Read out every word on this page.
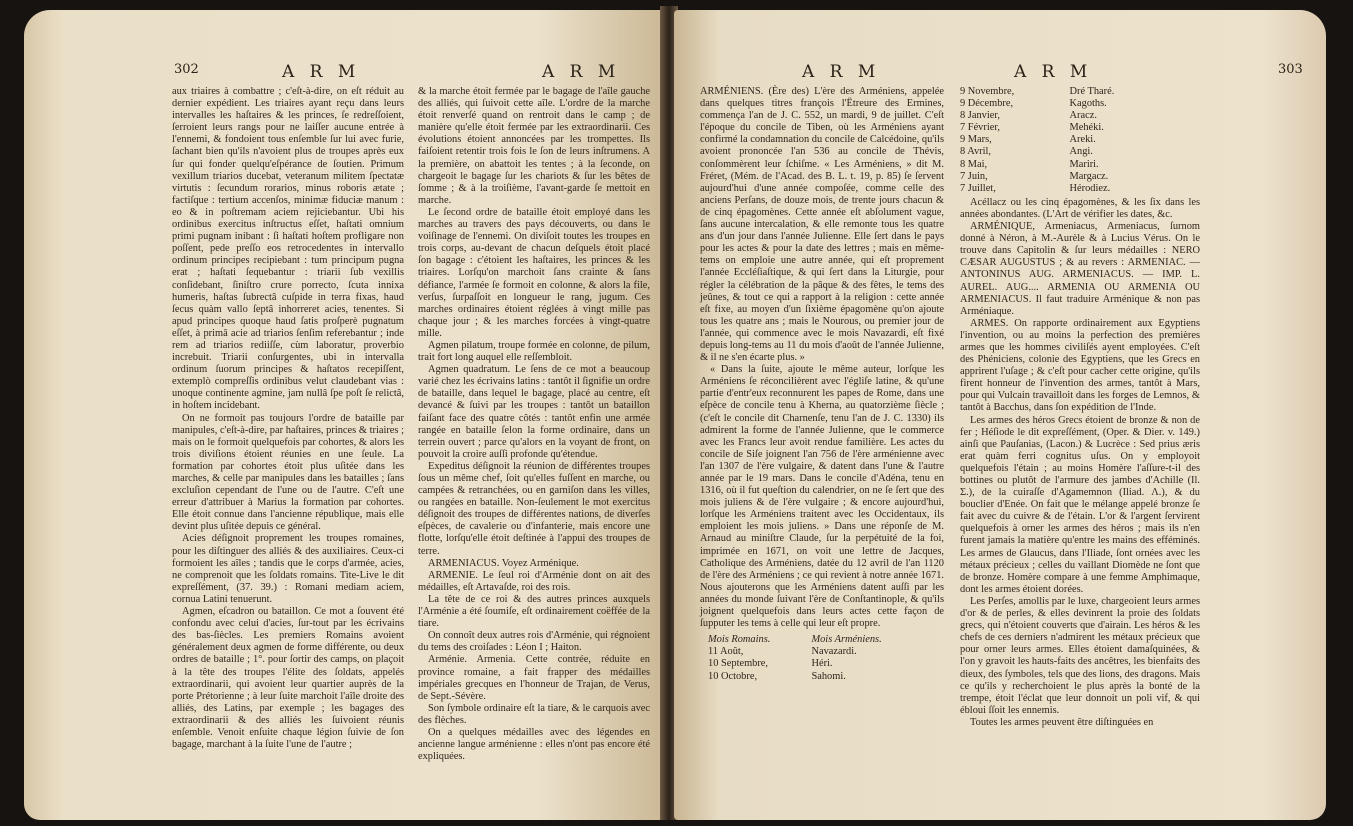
302	A R M	A R M

aux triaires à combattre ; c'eſt-à-dire, on eſt réduit au dernier expédient. Les triaires ayant reçu dans leurs intervalles les haſtaires & les princes, ſe redreſſoient, ſerroient leurs rangs pour ne laiſſer aucune entrée à l'ennemi, & fondoient tous enſemble ſur lui avec furie, ſachant bien qu'ils n'avoient plus de troupes après eux ſur qui fonder quelqu'eſpérance de ſoutien. Primum vexillum triarios ducebat, veteranum militem ſpectatæ virtutis : ſecundum rorarios, minus roboris ætate ; factiſque : tertium accenſos, minimæ fiduciæ manum : eo & in poſtremam aciem rejiciebantur. Ubi his ordinibus exercitus inſtructus eſſet, haſtati omnium primi pugnam inibant : ſi haſtati hoſtem profligare non poſſent, pede preſſo eos retrocedentes in intervallo ordinum principes recipiebant : tum principum pugna erat ; haſtati ſequebantur : triarii ſub vexillis conſidebant, ſiniſtro crure porrecto, ſcuta innixa humeris, haſtas ſubrectâ cuſpide in terra fixas, haud ſecus quàm vallo ſeptâ inhorreret acies, tenentes. Si apud principes quoque haud ſatis proſperè pugnatum eſſet, à primâ acie ad triarios ſenſim referebantur ; inde rem ad triarios rediiſſe, cùm laboratur, proverbio increbuit. Triarii conſurgentes, ubi in intervalla ordinum ſuorum principes & haſtatos recepiſſent, extemplò compreſſis ordinibus velut claudebant vias : unoque continente agmine, jam nullâ ſpe poſt ſe relictâ, in hoſtem incidebant.

On ne formoit pas toujours l'ordre de bataille par manipules, c'eſt-à-dire, par haſtaires, princes & triaires ; mais on le formoit quelquefois par cohortes, & alors les trois diviſions étoient réunies en une ſeule. La formation par cohortes étoit plus uſitée dans les marches, & celle par manipules dans les batailles ; ſans excluſion cependant de l'une ou de l'autre. C'eſt une erreur d'attribuer à Marius la formation par cohortes. Elle étoit connue dans l'ancienne république, mais elle devint plus uſitée depuis ce général.

Acies déſignoit proprement les troupes romaines, pour les diſtinguer des alliés & des auxiliaires. Ceux-ci formoient les aîles ; tandis que le corps d'armée, acies, ne comprenoit que les ſoldats romains. Tite-Live le dit expreſſément, (37. 39.) : Romani mediam aciem, cornua Latini tenuerunt.

Agmen, eſcadron ou bataillon. Ce mot a ſouvent été confondu avec celui d'acies, ſur-tout par les écrivains des bas-ſiècles. Les premiers Romains avoient généralement deux agmen de forme différente, ou deux ordres de bataille ; 1°. pour ſortir des camps, on plaçoit à la tête des troupes l'élite des ſoldats, appelés extraordinarii, qui avoient leur quartier auprès de la porte Prétorienne ; à leur ſuite marchoit l'aîle droite des alliés, des Latins, par exemple ; les bagages des extraordinarii & des alliés les ſuivoient réunis enſemble. Venoit enſuite chaque légion ſuivie de ſon bagage, marchant à la ſuite l'une de l'autre ;

& la marche étoit fermée par le bagage de l'aîle gauche des alliés, qui ſuivoit cette aîle. L'ordre de la marche étoit renverſé quand on rentroit dans le camp ; de manière qu'elle étoit fermée par les extraordinarii. Ces évolutions étoient annoncées par les trompettes. Ils faiſoient retentir trois fois le ſon de leurs inſtrumens. A la première, on abattoit les tentes ; à la ſeconde, on chargeoit le bagage ſur les chariots & ſur les bêtes de ſomme ; & à la troiſième, l'avant-garde ſe mettoit en marche.

Le ſecond ordre de bataille étoit employé dans les marches au travers des pays découverts, ou dans le voiſinage de l'ennemi. On diviſoit toutes les troupes en trois corps, au-devant de chacun deſquels étoit placé ſon bagage : c'étoient les haſtaires, les princes & les triaires. Lorſqu'on marchoit ſans crainte & ſans défiance, l'armée ſe formoit en colonne, & alors la file, verſus, ſurpaſſoit en longueur le rang, jugum. Ces marches ordinaires étoient réglées à vingt mille pas chaque jour ; & les marches forcées à vingt-quatre mille.

Agmen pilatum, troupe formée en colonne, de pilum, trait fort long auquel elle reſſembloit.

Agmen quadratum. Le ſens de ce mot a beaucoup varié chez les écrivains latins : tantôt il ſignifie un ordre de bataille, dans lequel le bagage, placé au centre, eſt devancé & ſuivi par les troupes : tantôt un bataillon faiſant face des quatre côtés : tantôt enfin une armée rangée en bataille ſelon la forme ordinaire, dans un terrein ouvert ; parce qu'alors en la voyant de front, on pouvoit la croire auſſi profonde qu'étendue.

Expeditus déſignoit la réunion de différentes troupes ſous un même chef, ſoit qu'elles fuſſent en marche, ou campées & retranchées, ou en garniſon dans les villes, ou rangées en bataille. Non-ſeulement le mot exercitus déſignoit des troupes de différentes nations, de diverſes eſpèces, de cavalerie ou d'infanterie, mais encore une flotte, lorſqu'elle étoit deſtinée à l'appui des troupes de terre.

ARMENIACUS. Voyez Arménique.

ARMENIE. Le ſeul roi d'Arménie dont on ait des médailles, eſt Artavaſde, roi des rois.

La tête de ce roi & des autres princes auxquels l'Arménie a été ſoumiſe, eſt ordinairement coëffée de la tiare.

On connoît deux autres rois d'Arménie, qui régnoient du tems des croiſades : Léon I ; Haiton.

Arménie. Armenia. Cette contrée, réduite en province romaine, a fait frapper des médailles impériales grecques en l'honneur de Trajan, de Verus, de Sept.-Sévère.

Son ſymbole ordinaire eſt la tiare, & le carquois avec des flèches.

On a quelques médailles avec des légendes en ancienne langue arménienne : elles n'ont pas encore été expliquées.

A R M	A R M	303

ARMÉNIENS. (Ère des) L'ère des Arméniens, appelée dans quelques titres françois l'Ëtreure des Ermines, commença l'an de J. C. 552, un mardi, 9 de juillet. C'eſt l'époque du concile de Tiben, où les Arméniens ayant confirmé la condamnation du concile de Calcédoine, qu'ils avoient prononcée l'an 536 au concile de Thévis, conſommèrent leur ſchiſme. « Les Arméniens, » dit M. Fréret, (Mém. de l'Acad. des B. L. t. 19, p. 85) ſe ſervent aujourd'hui d'une année compoſée, comme celle des anciens Perſans, de douze mois, de trente jours chacun & de cinq épagomènes. Cette année eſt abſolument vague, ſans aucune intercalation, & elle remonte tous les quatre ans d'un jour dans l'année Julienne. Elle ſert dans le pays pour les actes & pour la date des lettres ; mais en même-tems on emploie une autre année, qui eſt proprement l'année Eccléſiaſtique, & qui ſert dans la Liturgie, pour régler la célébration de la pâque & des fêtes, le tems des jeûnes, & tout ce qui a rapport à la religion : cette année eſt fixe, au moyen d'un ſixième épagomène qu'on ajoute tous les quatre ans ; mais le Nourous, ou premier jour de l'année, qui commence avec le mois Navazardi, eſt fixé depuis long-tems au 11 du mois d'août de l'année Julienne, & il ne s'en écarte plus. »

« Dans la ſuite, ajoute le même auteur, lorſque les Arméniens ſe réconcilièrent avec l'égliſe latine, & qu'une partie d'entr'eux reconnurent les papes de Rome, dans une eſpèce de concile tenu à Kherna, au quatorzième ſiècle ; (c'eſt le concile dit Charnenſe, tenu l'an de J. C. 1330) ils admirent la forme de l'année Julienne, que le commerce avec les Francs leur avoit rendue familière. Les actes du concile de Siſe joignent l'an 756 de l'ère arménienne avec l'an 1307 de l'ère vulgaire, & datent dans l'une & l'autre année par le 19 mars. Dans le concile d'Adéna, tenu en 1316, où il fut queſtion du calendrier, on ne ſe ſert que des mois juliens & de l'ère vulgaire ; & encore aujourd'hui, lorſque les Arméniens traitent avec les Occidentaux, ils emploient les mois juliens. » Dans une réponſe de M. Arnaud au miniſtre Claude, ſur la perpétuité de la foi, imprimée en 1671, on voit une lettre de Jacques, Catholique des Arméniens, datée du 12 avril de l'an 1120 de l'ère des Arméniens ; ce qui revient à notre année 1671. Nous ajouterons que les Arméniens datent auſſi par les années du monde ſuivant l'ère de Conſtantinople, & qu'ils joignent quelquefois dans leurs actes cette façon de ſupputer les tems à celle qui leur eſt propre.

Mois Romains.	Mois Arméniens.
11 Août,	Navazardi.
10 Septembre,	Héri.
10 Octobre,	Sahomi.
9 Novembre,	Dré Tharé.
9 Décembre,	Kagoths.
8 Janvier,	Aracz.
7 Février,	Mehéki.
9 Mars,	Areki.
8 Avril,	Angi.
8 Mai,	Mariri.
7 Juin,	Margacz.
7 Juillet,	Hérodiez.

Acéllacz ou les cinq épagomènes, & les ſix dans les années abondantes. (L'Art de vérifier les dates, &c.

ARMÉNIQUE, Armeniacus, Armeniacus, ſurnom donné à Néron, à M.-Aurèle & à Lucius Vérus. On le trouve dans Capitolin & ſur leurs médailles : NERO CÆSAR AUGUSTUS ; & au revers : ARMENIAC. — ANTONINUS AUG. ARMENIACUS. — IMP. L. AUREL. AUG.... ARMENIA OU ARMENIA OU ARMENIACUS. Il faut traduire Arménique & non pas Arméniaque.

ARMES. On rapporte ordinairement aux Egyptiens l'invention, ou au moins la perfection des premières armes que les hommes civiliſés ayent employées. C'eſt des Phéniciens, colonie des Egyptiens, que les Grecs en apprirent l'uſage ; & c'eſt pour cacher cette origine, qu'ils firent honneur de l'invention des armes, tantôt à Mars, pour qui Vulcain travailloit dans les forges de Lemnos, & tantôt à Bacchus, dans ſon expédition de l'Inde.

Les armes des héros Grecs étoient de bronze & non de fer ; Héſiode le dit expreſſément, (Oper. & Dier. v. 149.) ainſi que Pauſanias, (Lacon.) & Lucrèce : Sed prius æris erat quàm ferri cognitus uſus. On y employoit quelquefois l'étain ; au moins Homère l'aſſure-t-il des bottines ou plutôt de l'armure des jambes d'Achille (Il. Σ.), de la cuiraſſe d'Agamemnon (Iliad. Λ.), & du bouclier d'Enée. On fait que le mélange appelé bronze ſe fait avec du cuivre & de l'étain. L'or & l'argent ſervirent quelquefois à orner les armes des héros ; mais ils n'en furent jamais la matière qu'entre les mains des efféminés. Les armes de Glaucus, dans l'Iliade, ſont ornées avec les métaux précieux ; celles du vaillant Diomède ne ſont que de bronze. Homère compare à une femme Amphimaque, dont les armes étoient dorées.

Les Perſes, amollis par le luxe, chargeoient leurs armes d'or & de perles, & elles devinrent la proie des ſoldats grecs, qui n'étoient couverts que d'airain. Les héros & les chefs de ces derniers n'admirent les métaux précieux que pour orner leurs armes. Elles étoient damaſquinées, & l'on y gravoit les hauts-faits des ancêtres, les bienfaits des dieux, des ſymboles, tels que des lions, des dragons. Mais ce qu'ils y recherchoient le plus après la bonté de la trempe, étoit l'éclat que leur donnoit un poli vif, & qui ébloui ſſoit les ennemis.

Toutes les armes peuvent être diſtinguées en
